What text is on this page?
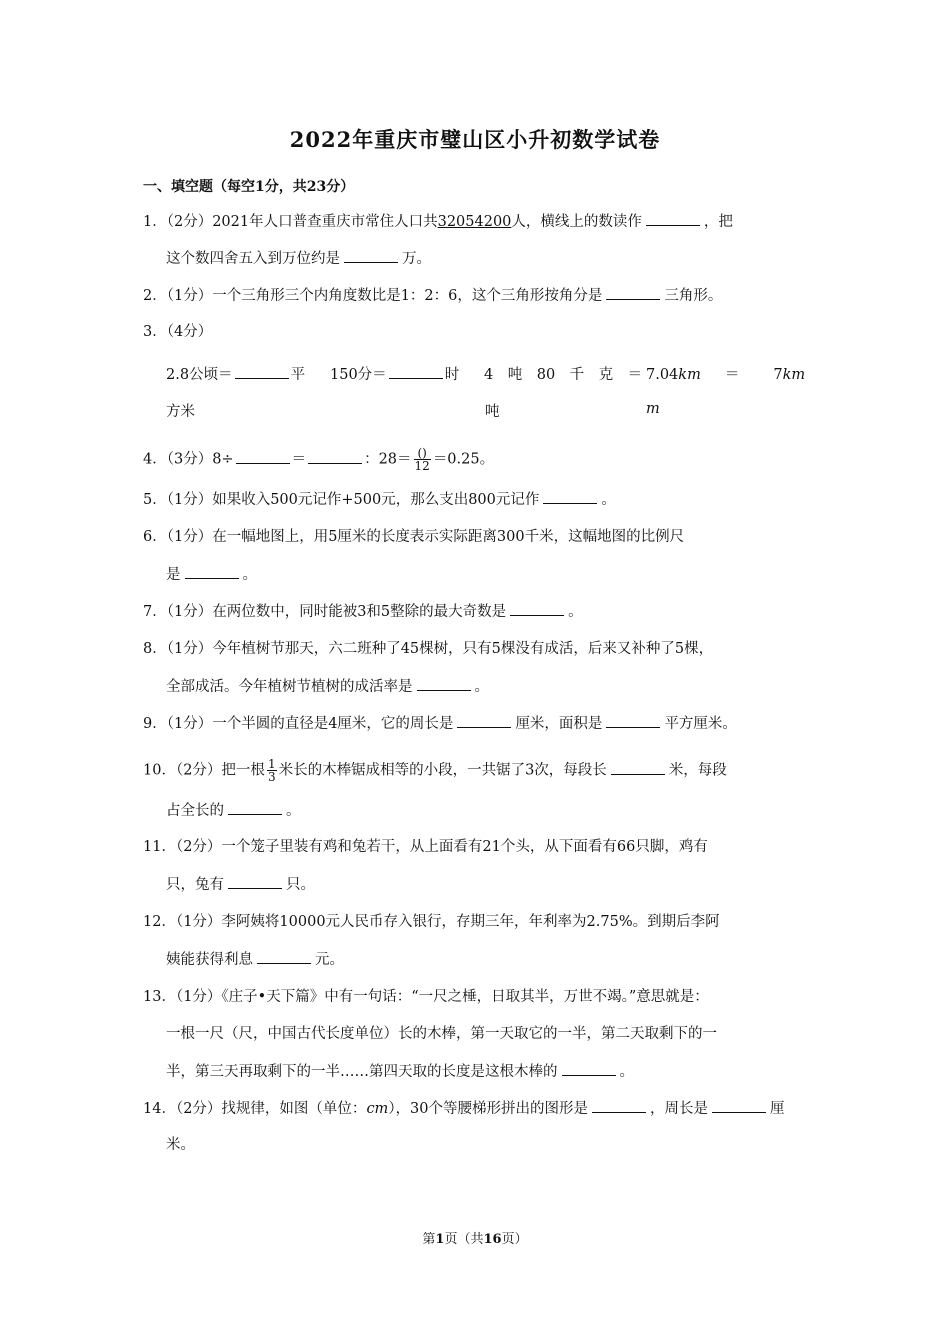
2022年重庆市璧山区小升初数学试卷
一、填空题（每空1分，共23分）
1．（2分）2021年人口普查重庆市常住人口共32054200人，横线上的数读作	，把
这个数四舍五入到万位约是	万。
2．（1分）一个三角形三个内角度数比是1：2：6，这个三角形按角分是	三角形。
3．（4分）
2.8公顷＝	平
方米
150分＝	时 4　吨　80　千　克　＝
吨
7.04km ＝ 7km
m
4．（3分）8÷	＝	：$28= \frac{()}{12} =0.25$。
5．（1分）如果收入500元记作+500元，那么支出800元记作	。
6．（1分）在一幅地图上，用5厘米的长度表示实际距离300千米，这幅地图的比例尺
是	。
7．（1分）在两位数中，同时能被3和5整除的最大奇数是	。
8．（1分）今年植树节那天，六二班种了45棵树，只有5棵没有成活，后来又补种了5棵，
全部成活。今年植树节植树的成活率是	。
9．（1分）一个半圆的直径是4厘米，它的周长是	厘米，面积是	平方厘米。
10．（2分）把一根 $\frac{1}{3}$ 米长的木棒锯成相等的小段，一共锯了3次，每段长	米，每段
占全长的	。
11．（2分）一个笼子里装有鸡和兔若干，从上面看有21个头，从下面看有66只脚，鸡有
只，兔有	只。
12．（1分）李阿姨将10000元人民币存入银行，存期三年，年利率为2.75%。到期后李阿
姨能获得利息	元。
13．（1分）《庄子•天下篇》中有一句话：“一尺之棰，日取其半，万世不竭。”意思就是：
一根一尺（尺，中国古代长度单位）长的木棒，第一天取它的一半，第二天取剩下的一
半，第三天再取剩下的一半……第四天取的长度是这根木棒的	。
14．（2分）找规律，如图（单位：cm），30个等腰梯形拼出的图形是	，周长是	厘
米。
第1页（共16页）
